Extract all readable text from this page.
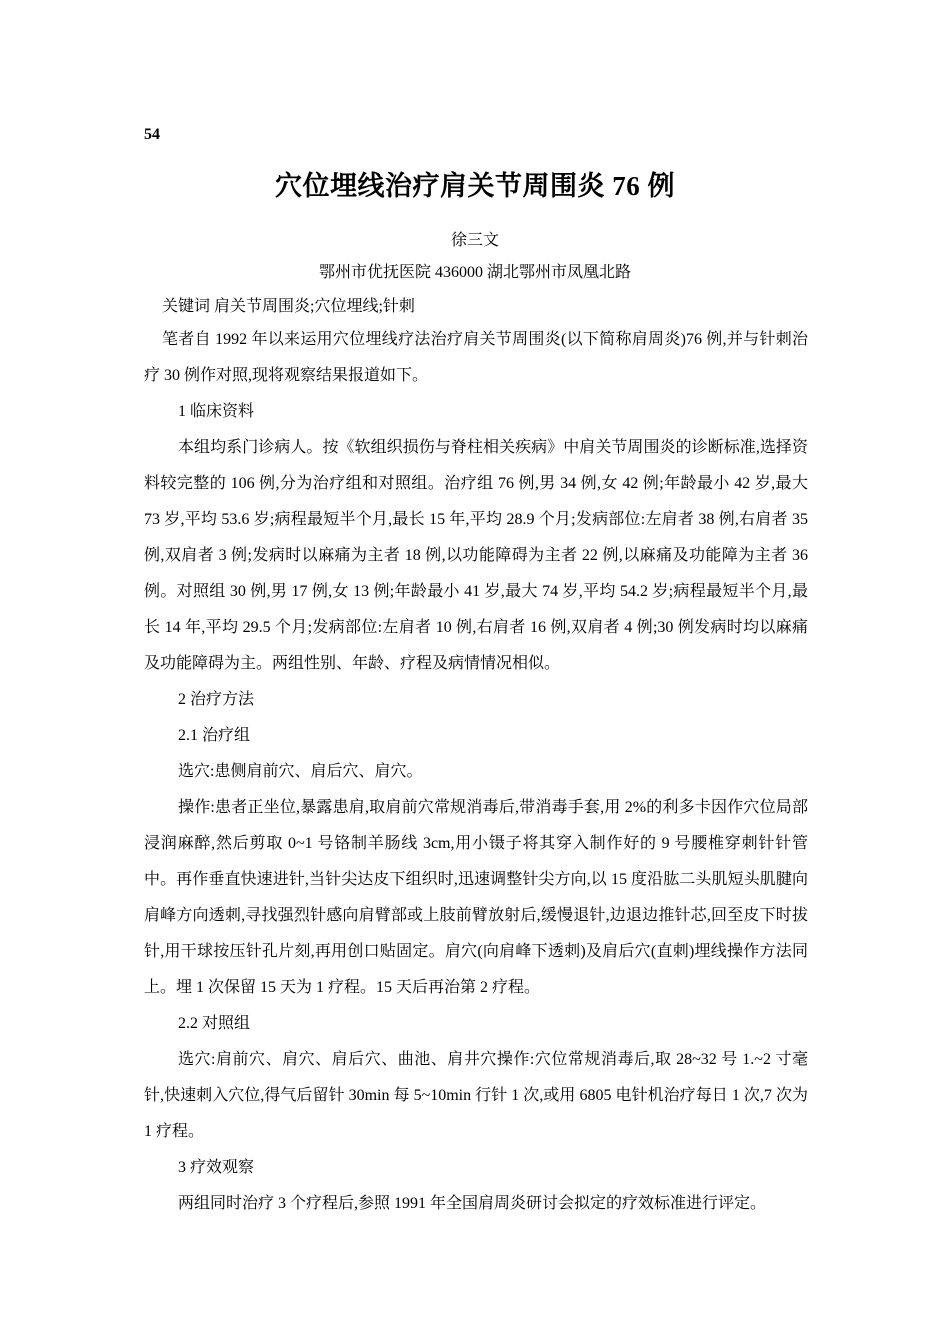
54
穴位埋线治疗肩关节周围炎 76 例
徐三文
鄂州市优抚医院 436000 湖北鄂州市凤凰北路
关键词 肩关节周围炎;穴位埋线;针刺

笔者自 1992 年以来运用穴位埋线疗法治疗肩关节周围炎(以下简称肩周炎)76 例,并与针刺治疗 30 例作对照,现将观察结果报道如下。

1 临床资料

本组均系门诊病人。按《软组织损伤与脊柱相关疾病》中肩关节周围炎的诊断标准,选择资料较完整的 106 例,分为治疗组和对照组。治疗组 76 例,男 34 例,女 42 例;年龄最小 42 岁,最大 73 岁,平均 53.6 岁;病程最短半个月,最长 15 年,平均 28.9 个月;发病部位:左肩者 38 例,右肩者 35 例,双肩者 3 例;发病时以麻痛为主者 18 例,以功能障碍为主者 22 例,以麻痛及功能障为主者 36 例。对照组 30 例,男 17 例,女 13 例;年龄最小 41 岁,最大 74 岁,平均 54.2 岁;病程最短半个月,最长 14 年,平均 29.5 个月;发病部位:左肩者 10 例,右肩者 16 例,双肩者 4 例;30 例发病时均以麻痛及功能障碍为主。两组性别、年龄、疗程及病情情况相似。

2 治疗方法

2.1 治疗组

选穴:患侧肩前穴、肩后穴、肩穴。

操作:患者正坐位,暴露患肩,取肩前穴常规消毒后,带消毒手套,用 2%的利多卡因作穴位局部浸润麻醉,然后剪取 0~1 号铬制羊肠线 3cm,用小镊子将其穿入制作好的 9 号腰椎穿刺针针管中。再作垂直快速进针,当针尖达皮下组织时,迅速调整针尖方向,以 15 度沿肱二头肌短头肌腱向肩峰方向透刺,寻找强烈针感向肩臂部或上肢前臂放射后,缓慢退针,边退边推针芯,回至皮下时拔针,用干球按压针孔片刻,再用创口贴固定。肩穴(向肩峰下透刺)及肩后穴(直刺)埋线操作方法同上。埋 1 次保留 15 天为 1 疗程。15 天后再治第 2 疗程。

2.2 对照组

选穴:肩前穴、肩穴、肩后穴、曲池、肩井穴操作:穴位常规消毒后,取 28~32 号 1.~2 寸毫针,快速刺入穴位,得气后留针 30min 每 5~10min 行针 1 次,或用 6805 电针机治疗每日 1 次,7 次为 1 疗程。

3 疗效观察

两组同时治疗 3 个疗程后,参照 1991 年全国肩周炎研讨会拟定的疗效标准进行评定。
